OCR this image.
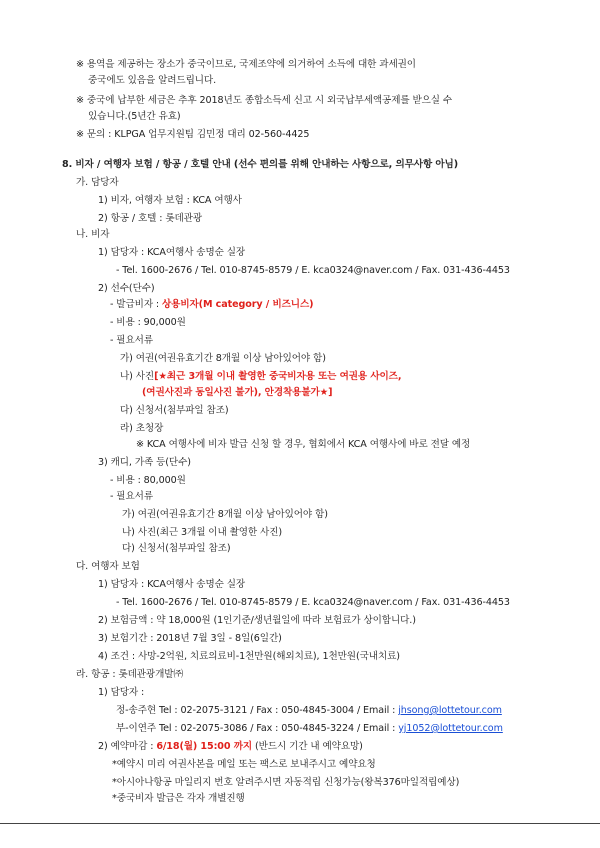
※ 용역을 제공하는 장소가 중국이므로, 국제조약에 의거하여 소득에 대한 과세권이
중국에도 있음을 알려드립니다.
※ 중국에 납부한 세금은 추후 2018년도 종합소득세 신고 시 외국납부세액공제를 받으실 수
있습니다.(5년간 유효)
※ 문의 : KLPGA 업무지원팀 김민정 대리 02-560-4425
8. 비자 / 여행자 보험 / 항공 / 호텔 안내 (선수 편의를 위해 안내하는 사항으로, 의무사항 아님)
가. 담당자
1) 비자, 여행자 보험 : KCA 여행사
2) 항공 / 호텔 : 롯데관광
나. 비자
1) 담당자 : KCA여행사 송명순 실장
- Tel. 1600-2676 / Tel. 010-8745-8579 / E. kca0324@naver.com / Fax. 031-436-4453
2) 선수(단수)
- 발급비자 : 상용비자(M category / 비즈니스)
- 비용 : 90,000원
- 필요서류
가) 여권(여권유효기간 8개월 이상 남아있어야 함)
나) 사진[★최근 3개월 이내 촬영한 중국비자용 또는 여권용 사이즈,
(여권사진과 동일사진 불가), 안경착용불가★]
다) 신청서(첨부파일 참조)
라) 초청장
※ KCA 여행사에 비자 발급 신청 할 경우, 협회에서 KCA 여행사에 바로 전달 예정
3) 캐디, 가족 등(단수)
- 비용 : 80,000원
- 필요서류
가) 여권(여권유효기간 8개월 이상 남아있어야 함)
나) 사진(최근 3개월 이내 촬영한 사진)
다) 신청서(첨부파일 참조)
다. 여행자 보험
1) 담당자 : KCA여행사 송명순 실장
- Tel. 1600-2676 / Tel. 010-8745-8579 / E. kca0324@naver.com / Fax. 031-436-4453
2) 보험금액 : 약 18,000원 (1인기준/생년월일에 따라 보험료가 상이합니다.)
3) 보험기간 : 2018년 7월 3일 - 8일(6일간)
4) 조건 : 사망-2억원, 치료의료비-1천만원(해외치료), 1천만원(국내치료)
라. 항공 : 롯데관광개발㈜
1) 담당자 :
정-송주현 Tel : 02-2075-3121 / Fax : 050-4845-3004 / Email : jhsong@lottetour.com
부-이연주 Tel : 02-2075-3086 / Fax : 050-4845-3224 / Email : yj1052@lottetour.com
2) 예약마감 : 6/18(월) 15:00 까지 (반드시 기간 내 예약요망)
*예약시 미리 여권사본을 메일 또는 팩스로 보내주시고 예약요청
*아시아나항공 마일리지 번호 알려주시면 자동적립 신청가능(왕복376마일적립예상)
*중국비자 발급은 각자 개별진행
